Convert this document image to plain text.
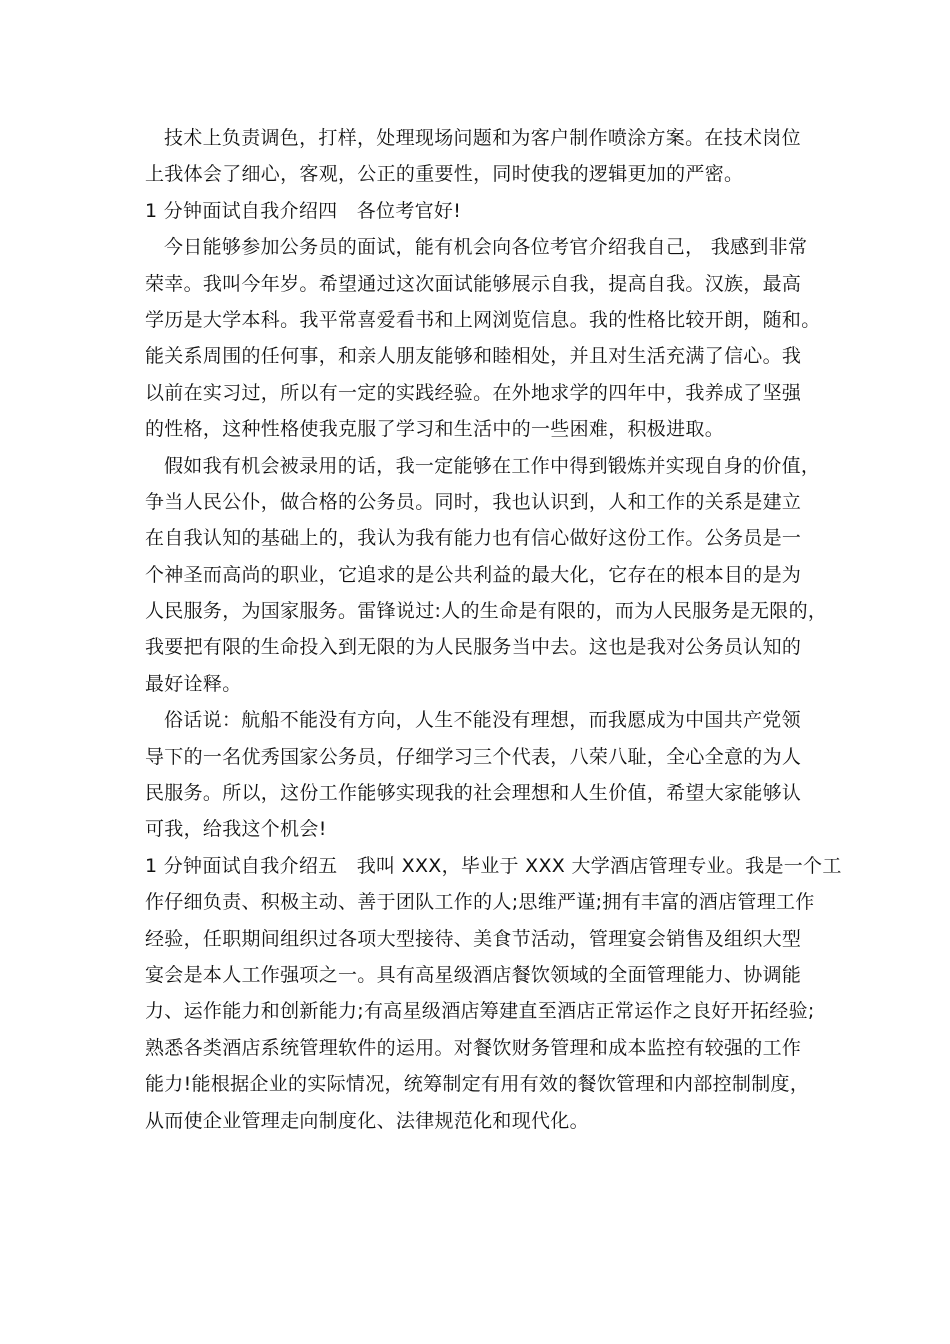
技术上负责调色，打样，处理现场问题和为客户制作喷涂方案。在技术岗位
上我体会了细心，客观，公正的重要性，同时使我的逻辑更加的严密。
1 分钟面试自我介绍四　各位考官好!
今日能够参加公务员的面试，能有机会向各位考官介绍我自己， 我感到非常
荣幸。我叫今年岁。希望通过这次面试能够展示自我，提高自我。汉族，最高
学历是大学本科。我平常喜爱看书和上网浏览信息。我的性格比较开朗，随和。
能关系周围的任何事，和亲人朋友能够和睦相处，并且对生活充满了信心。我
以前在实习过，所以有一定的实践经验。在外地求学的四年中，我养成了坚强
的性格，这种性格使我克服了学习和生活中的一些困难，积极进取。
假如我有机会被录用的话，我一定能够在工作中得到锻炼并实现自身的价值，
争当人民公仆，做合格的公务员。同时，我也认识到，人和工作的关系是建立
在自我认知的基础上的，我认为我有能力也有信心做好这份工作。公务员是一
个神圣而高尚的职业，它追求的是公共利益的最大化，它存在的根本目的是为
人民服务，为国家服务。雷锋说过:人的生命是有限的，而为人民服务是无限的，
我要把有限的生命投入到无限的为人民服务当中去。这也是我对公务员认知的
最好诠释。
俗话说：航船不能没有方向，人生不能没有理想，而我愿成为中国共产党领
导下的一名优秀国家公务员，仔细学习三个代表，八荣八耻，全心全意的为人
民服务。所以，这份工作能够实现我的社会理想和人生价值，希望大家能够认
可我，给我这个机会!
1 分钟面试自我介绍五　我叫 XXX，毕业于 XXX 大学酒店管理专业。我是一个工
作仔细负责、积极主动、善于团队工作的人;思维严谨;拥有丰富的酒店管理工作
经验，任职期间组织过各项大型接待、美食节活动，管理宴会销售及组织大型
宴会是本人工作强项之一。具有高星级酒店餐饮领域的全面管理能力、协调能
力、运作能力和创新能力;有高星级酒店筹建直至酒店正常运作之良好开拓经验;
熟悉各类酒店系统管理软件的运用。对餐饮财务管理和成本监控有较强的工作
能力!能根据企业的实际情况，统筹制定有用有效的餐饮管理和内部控制制度，
从而使企业管理走向制度化、法律规范化和现代化。
